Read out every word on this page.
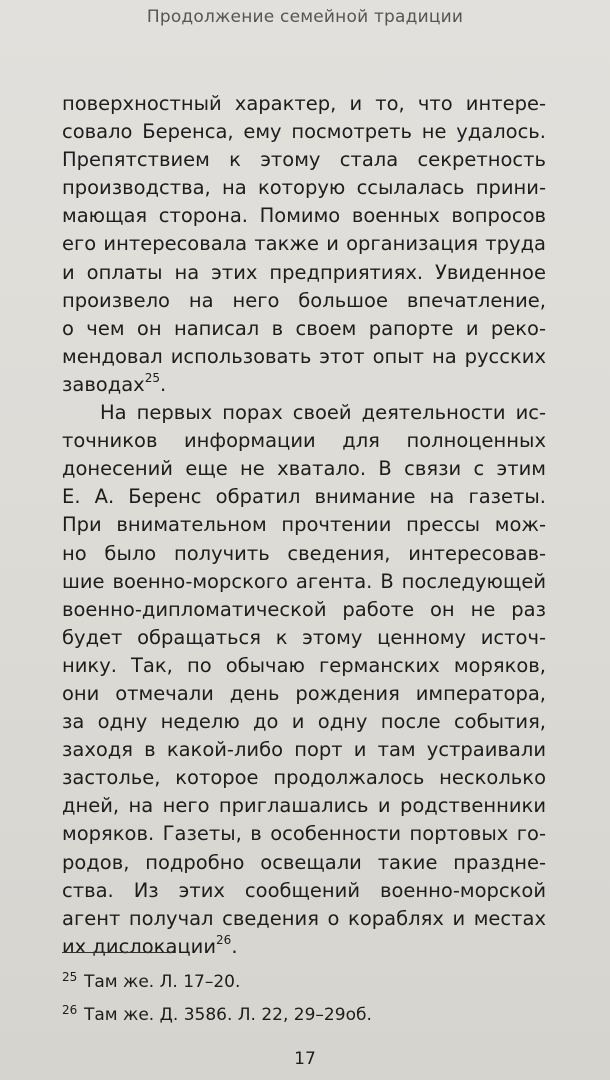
Продолжение семейной традиции
поверхностный характер, и то, что интере-
совало Беренса, ему посмотреть не удалось.
Препятствием к этому стала секретность
производства, на которую ссылалась прини-
мающая сторона. Помимо военных вопросов
его интересовала также и организация труда
и оплаты на этих предприятиях. Увиденное
произвело на него большое впечатление,
о чем он написал в своем рапорте и реко-
мендовал использовать этот опыт на русских
заводах$^{25}$.
На первых порах своей деятельности ис-
точников информации для полноценных
донесений еще не хватало. В связи с этим
Е. А. Беренс обратил внимание на газеты.
При внимательном прочтении прессы мож-
но было получить сведения, интересовав-
шие военно-морского агента. В последующей
военно-дипломатической работе он не раз
будет обращаться к этому ценному источ-
нику. Так, по обычаю германских моряков,
они отмечали день рождения императора,
за одну неделю до и одну после события,
заходя в какой-либо порт и там устраивали
застолье, которое продолжалось несколько
дней, на него приглашались и родственники
моряков. Газеты, в особенности портовых го-
родов, подробно освещали такие праздне-
ства. Из этих сообщений военно-морской
агент получал сведения о кораблях и местах
их дислокации$^{26}$.
25 Там же. Л. 17–20.
26 Там же. Д. 3586. Л. 22, 29–29об.
17
